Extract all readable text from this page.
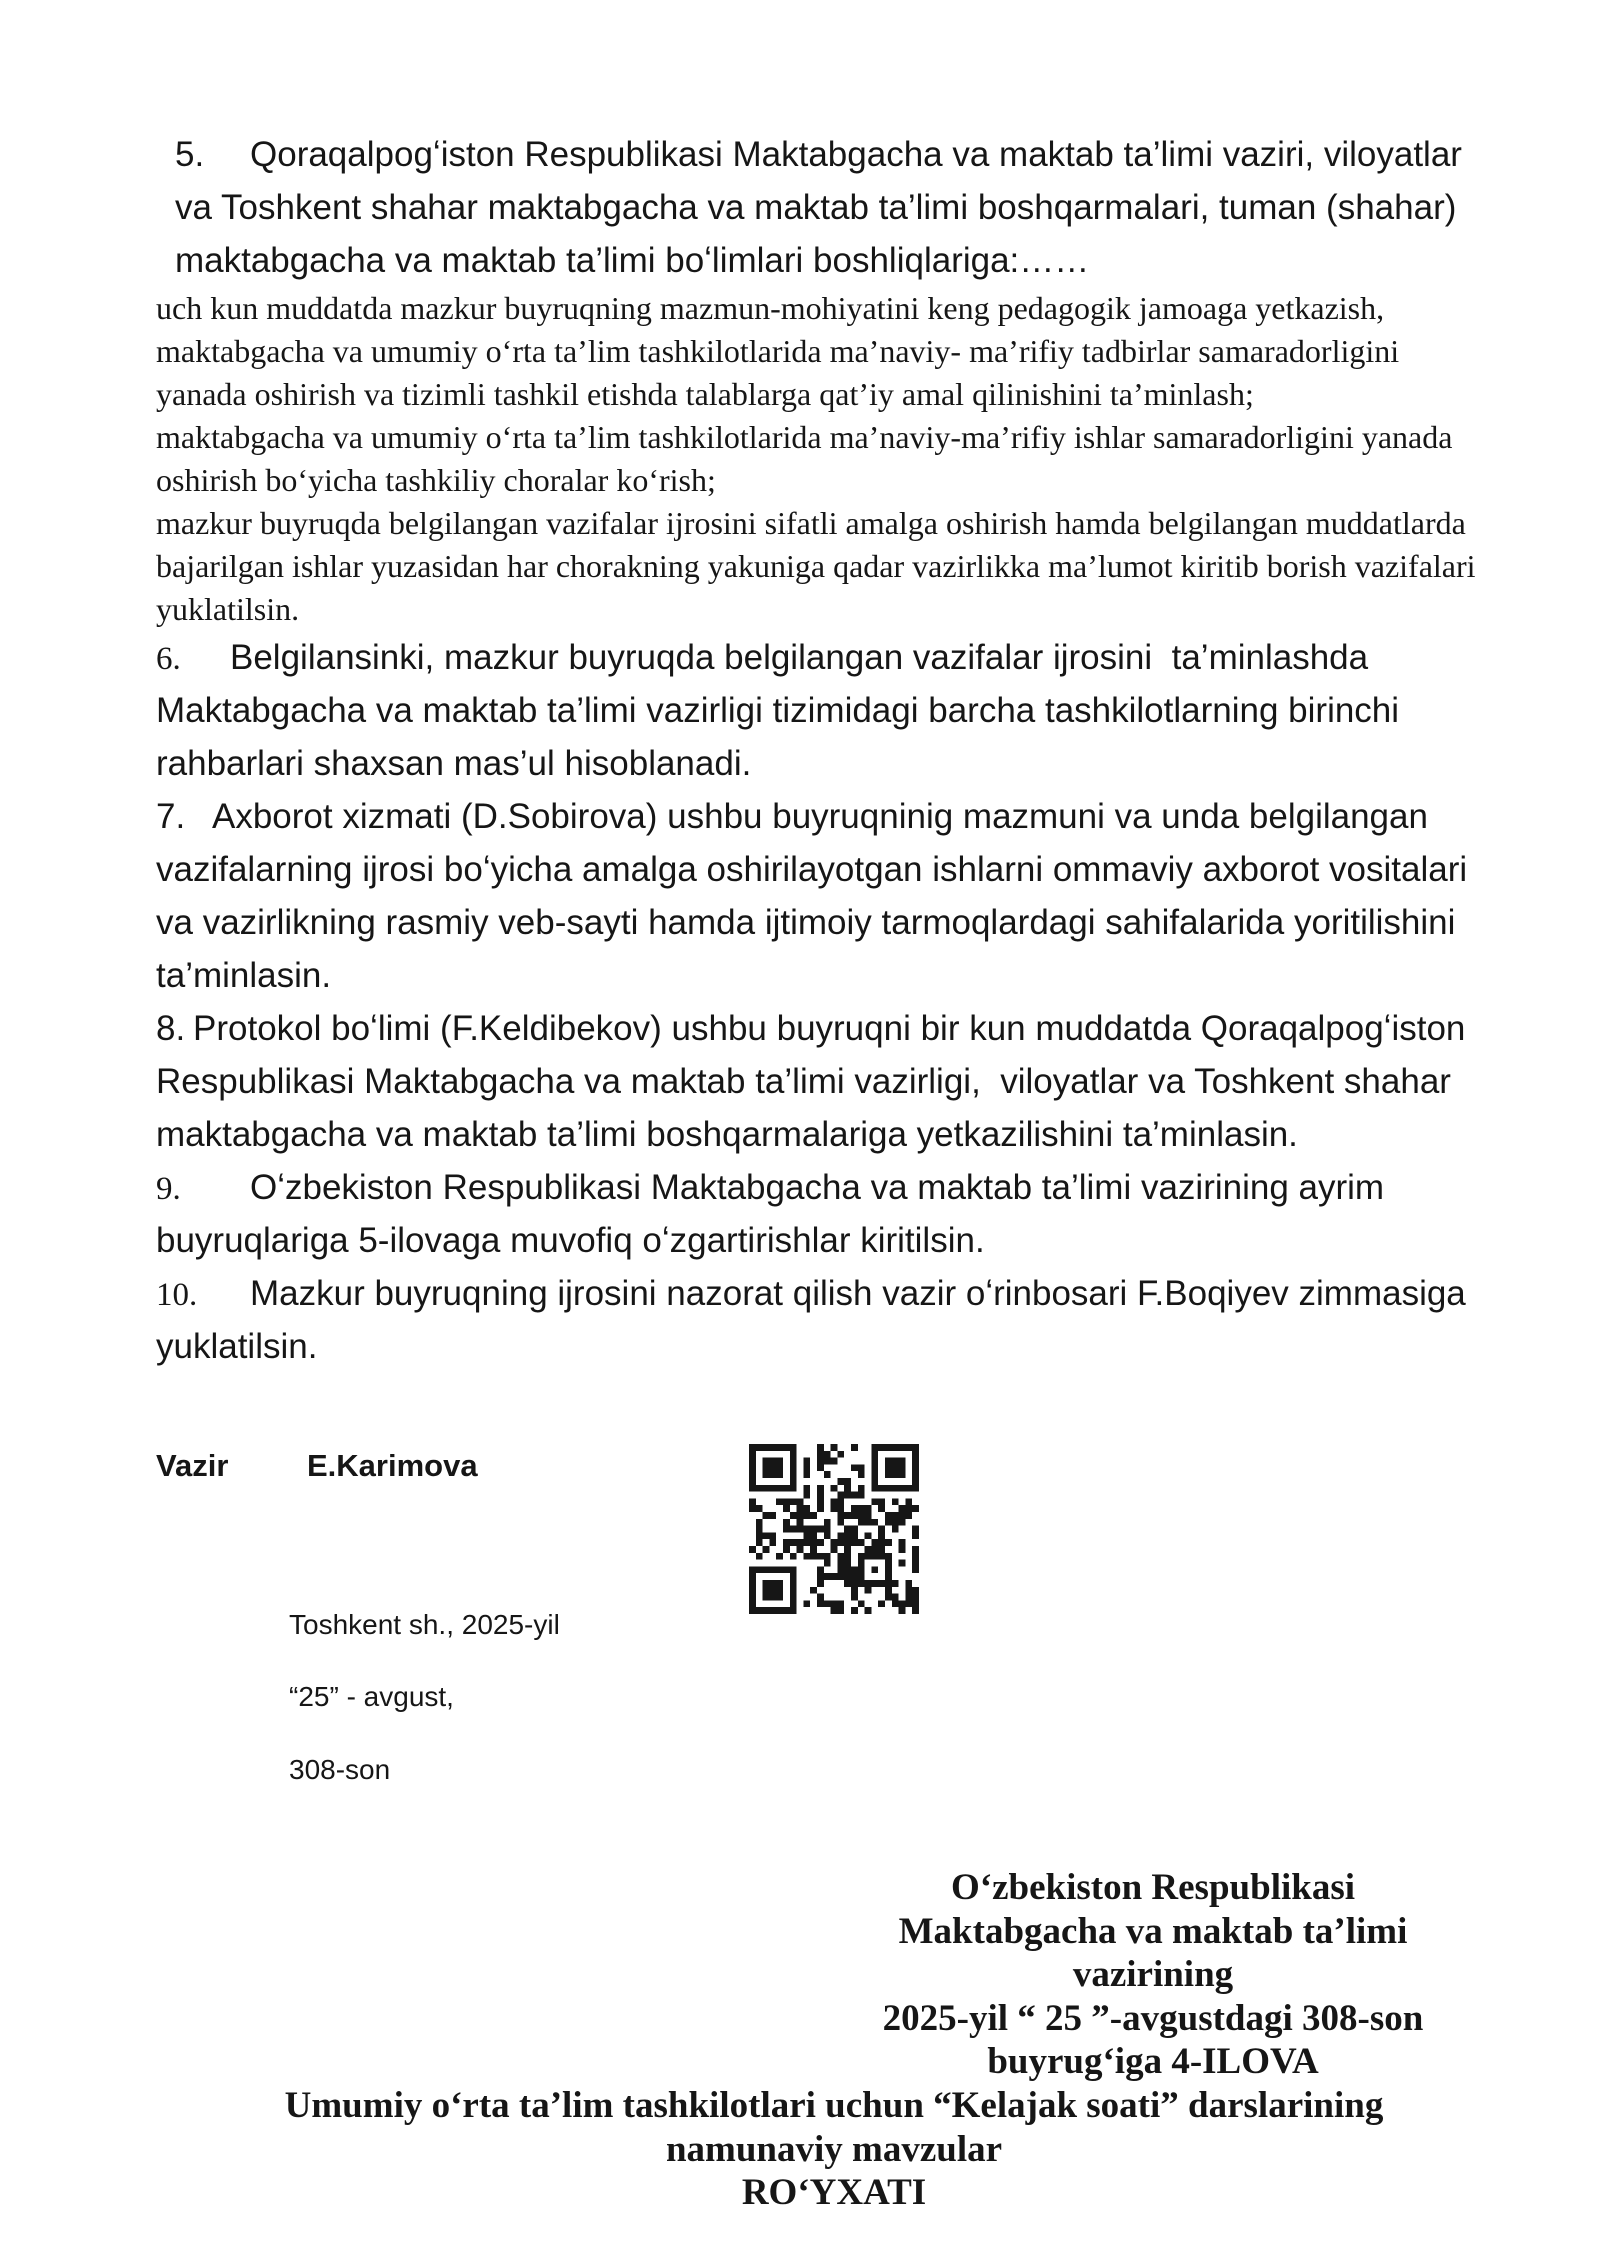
5. Qoraqalpogʻiston Respublikasi Maktabgacha va maktab ta’limi vaziri, viloyatlar
va Toshkent shahar maktabgacha va maktab ta’limi boshqarmalari, tuman (shahar)
maktabgacha va maktab ta’limi boʻlimlari boshliqlariga:……
uch kun muddatda mazkur buyruqning mazmun-mohiyatini keng pedagogik jamoaga yetkazish,
maktabgacha va umumiy oʻrta ta’lim tashkilotlarida ma’naviy- ma’rifiy tadbirlar samaradorligini
yanada oshirish va tizimli tashkil etishda talablarga qat’iy amal qilinishini ta’minlash;
maktabgacha va umumiy oʻrta ta’lim tashkilotlarida ma’naviy-ma’rifiy ishlar samaradorligini yanada
oshirish boʻyicha tashkiliy choralar koʻrish;
mazkur buyruqda belgilangan vazifalar ijrosini sifatli amalga oshirish hamda belgilangan muddatlarda
bajarilgan ishlar yuzasidan har chorakning yakuniga qadar vazirlikka ma’lumot kiritib borish vazifalari
yuklatilsin.
6. Belgilansinki, mazkur buyruqda belgilangan vazifalar ijrosini  ta’minlashda
Maktabgacha va maktab ta’limi vazirligi tizimidagi barcha tashkilotlarning birinchi
rahbarlari shaxsan mas’ul hisoblanadi.
7. Axborot xizmati (D.Sobirova) ushbu buyruqninig mazmuni va unda belgilangan
vazifalarning ijrosi boʻyicha amalga oshirilayotgan ishlarni ommaviy axborot vositalari
va vazirlikning rasmiy veb-sayti hamda ijtimoiy tarmoqlardagi sahifalarida yoritilishini
ta’minlasin.
8. Protokol boʻlimi (F.Keldibekov) ushbu buyruqni bir kun muddatda Qoraqalpogʻiston
Respublikasi Maktabgacha va maktab ta’limi vazirligi,  viloyatlar va Toshkent shahar
maktabgacha va maktab ta’limi boshqarmalariga yetkazilishini ta’minlasin.
9. Oʻzbekiston Respublikasi Maktabgacha va maktab ta’limi vazirining ayrim
buyruqlariga 5-ilovaga muvofiq oʻzgartirishlar kiritilsin.
10. Mazkur buyruqning ijrosini nazorat qilish vazir oʻrinbosari F.Boqiyev zimmasiga
yuklatilsin.
Vazir	E.Karimova
Toshkent sh., 2025-yil
“25” - avgust,
308-son
Oʻzbekiston Respublikasi
Maktabgacha va maktab ta’limi
vazirining
2025-yil “ 25 ”-avgustdagi 308-son
buyrugʻiga 4-ILOVA
Umumiy oʻrta ta’lim tashkilotlari uchun “Kelajak soati” darslarining
namunaviy mavzular
ROʻYXATI
